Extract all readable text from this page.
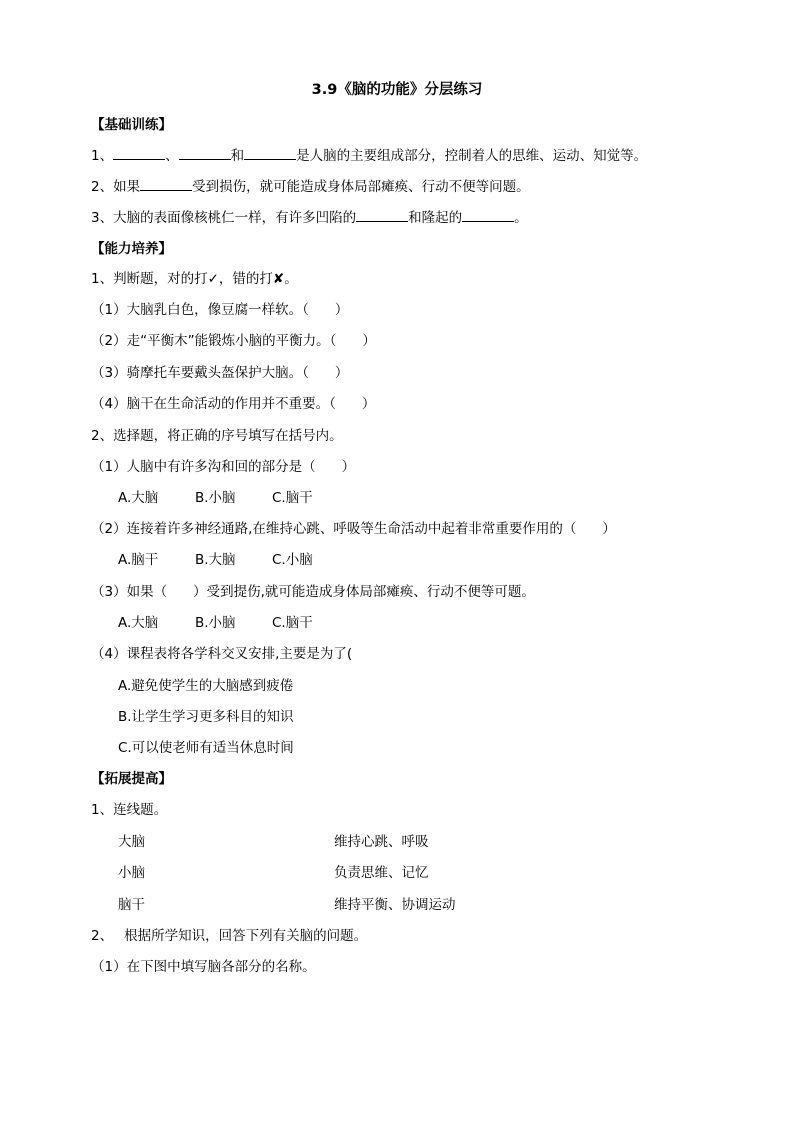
3.9《脑的功能》分层练习
【基础训练】
1、	、	和	是人脑的主要组成部分，控制着人的思维、运动、知觉等。
2、如果	受到损伤，就可能造成身体局部瘫痪、行动不便等问题。
3、大脑的表面像核桃仁一样，有许多凹陷的	和隆起的	。
【能力培养】
1、判断题，对的打✓，错的打✘。
（1）大脑乳白色，像豆腐一样软。（ ）
（2）走“平衡木”能锻炼小脑的平衡力。（ ）
（3）骑摩托车要戴头盔保护大脑。（ ）
（4）脑干在生命活动的作用并不重要。（ ）
2、选择题，将正确的序号填写在括号内。
（1）人脑中有许多沟和回的部分是（ ）
A.大脑	B.小脑	C.脑干
（2）连接着许多神经通路,在维持心跳、呼吸等生命活动中起着非常重要作用的（ ）
A.脑干	B.大脑	C.小脑
（3）如果（ ）受到提伤,就可能造成身体局部瘫痪、行动不便等可题。
A.大脑	B.小脑	C.脑干
（4）课程表将各学科交叉安排,主要是为了(
A.避免使学生的大脑感到疲倦
B.让学生学习更多科目的知识
C.可以使老师有适当休息时间
【拓展提高】
1、连线题。
大脑	维持心跳、呼吸
小脑	负责思维、记忆
脑干	维持平衡、协调运动
2、　 根据所学知识，回答下列有关脑的问题。
（1）在下图中填写脑各部分的名称。
